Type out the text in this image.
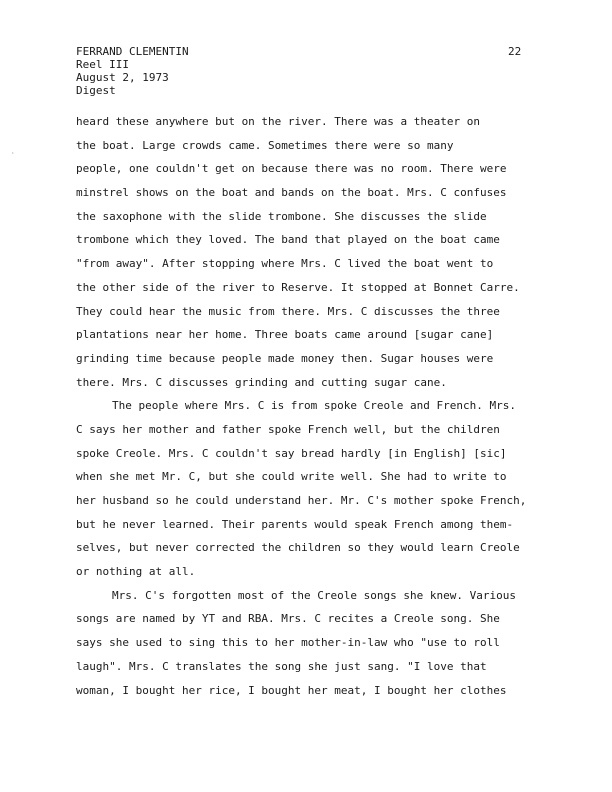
FERRAND CLEMENTIN
Reel III
August 2, 1973
Digest
22
·
heard these anywhere but on the river. There was a theater on
the boat. Large crowds came. Sometimes there were so many
people, one couldn't get on because there was no room. There were
minstrel shows on the boat and bands on the boat. Mrs. C confuses
the saxophone with the slide trombone. She discusses the slide
trombone which they loved. The band that played on the boat came
"from away". After stopping where Mrs. C lived the boat went to
the other side of the river to Reserve. It stopped at Bonnet Carre.
They could hear the music from there. Mrs. C discusses the three
plantations near her home. Three boats came around [sugar cane]
grinding time because people made money then. Sugar houses were
there. Mrs. C discusses grinding and cutting sugar cane.
The people where Mrs. C is from spoke Creole and French. Mrs.
C says her mother and father spoke French well, but the children
spoke Creole. Mrs. C couldn't say bread hardly [in English] [sic]
when she met Mr. C, but she could write well. She had to write to
her husband so he could understand her. Mr. C's mother spoke French,
but he never learned. Their parents would speak French among them-
selves, but never corrected the children so they would learn Creole
or nothing at all.
Mrs. C's forgotten most of the Creole songs she knew. Various
songs are named by YT and RBA. Mrs. C recites a Creole song. She
says she used to sing this to her mother-in-law who "use to roll
laugh". Mrs. C translates the song she just sang. "I love that
woman, I bought her rice, I bought her meat, I bought her clothes
